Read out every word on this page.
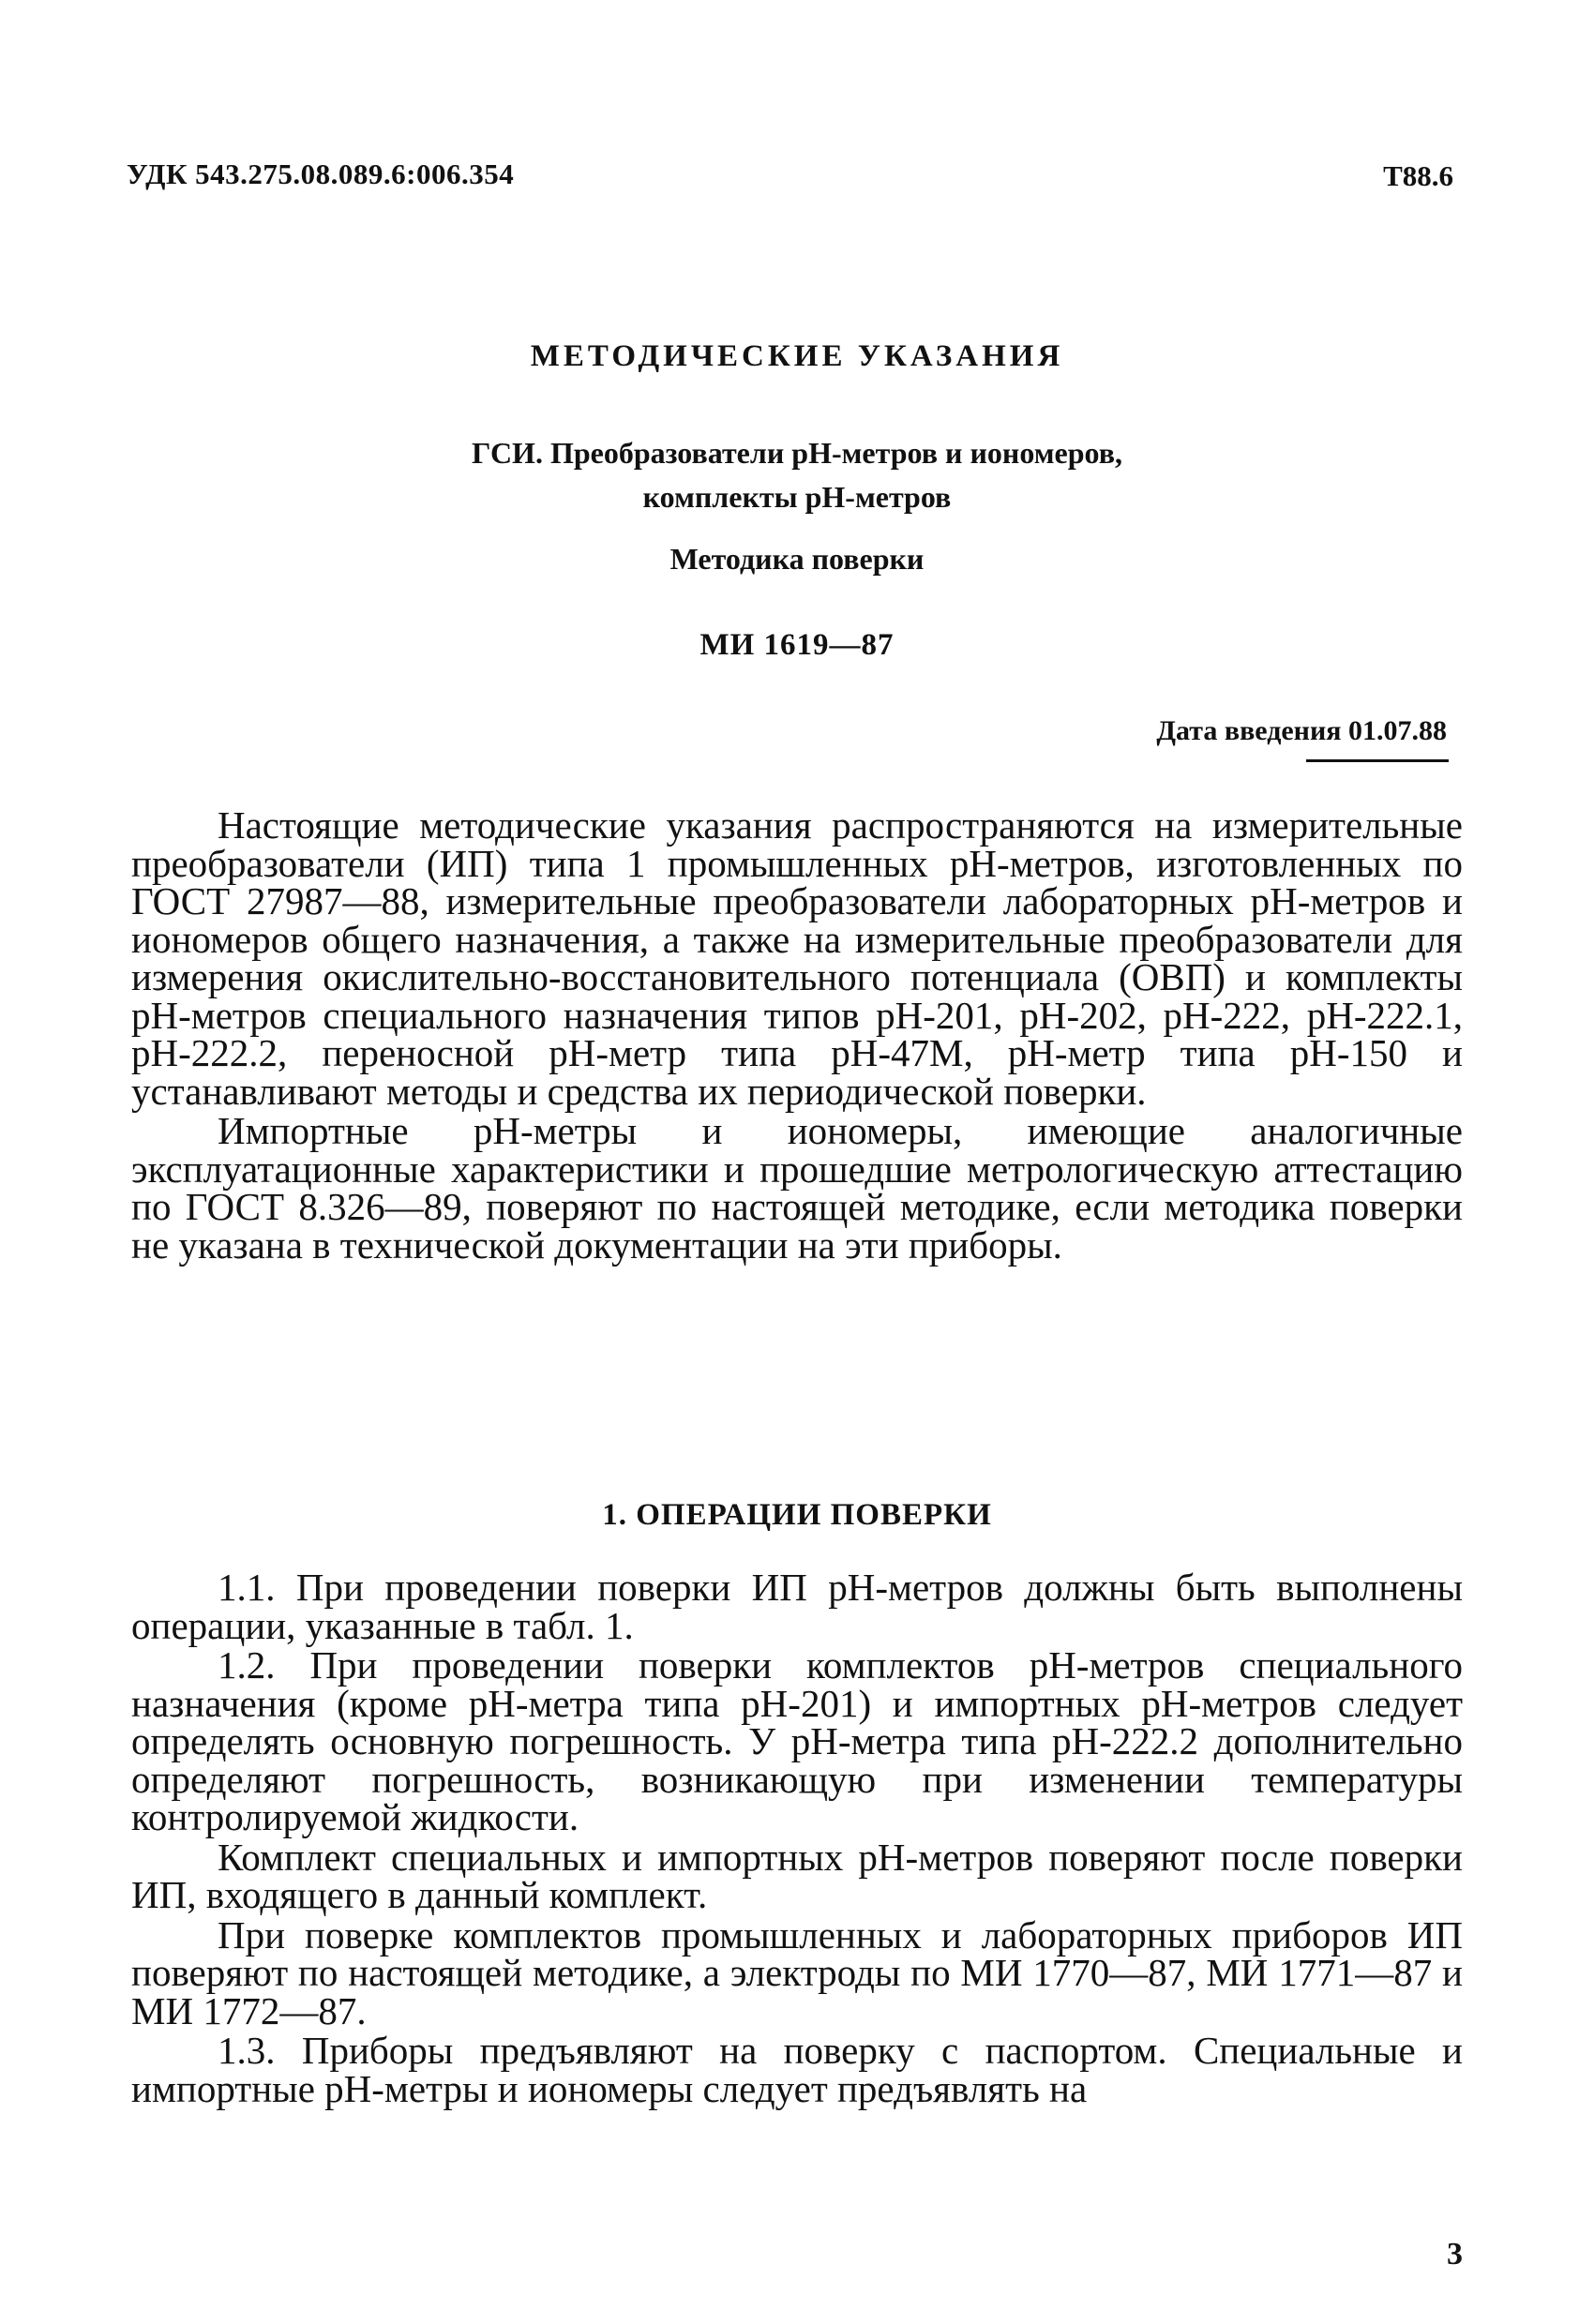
УДК 543.275.08.089.6:006.354	Т88.6
МЕТОДИЧЕСКИЕ УКАЗАНИЯ
ГСИ. Преобразователи рН-метров и иономеров,
комплекты рН-метров
Методика поверки
МИ 1619—87
Дата введения 01.07.88

Настоящие методические указания распространяются на измерительные преобразователи (ИП) типа 1 промышленных рН-метров, изготовленных по ГОСТ 27987—88, измерительные преобразователи лабораторных рН-метров и иономеров общего назначения, а также на измерительные преобразователи для измерения окислительно-восстановительного потенциала (ОВП) и комплекты рН-метров специального назначения типов рН-201, рН-202, рН-222, рН-222.1, рН-222.2, переносной рН-метр типа рН-47М, рН-метр типа рН-150 и устанавливают методы и средства их периодической поверки.

Импортные рН-метры и иономеры, имеющие аналогичные эксплуатационные характеристики и прошедшие метрологическую аттестацию по ГОСТ 8.326—89, поверяют по настоящей методике, если методика поверки не указана в технической документации на эти приборы.

1. ОПЕРАЦИИ ПОВЕРКИ

1.1. При проведении поверки ИП рН-метров должны быть выполнены операции, указанные в табл. 1.

1.2. При проведении поверки комплектов рН-метров специального назначения (кроме рН-метра типа рН-201) и импортных рН-метров следует определять основную погрешность. У рН-метра типа рН-222.2 дополнительно определяют погрешность, возникающую при изменении температуры контролируемой жидкости.

Комплект специальных и импортных рН-метров поверяют после поверки ИП, входящего в данный комплект.

При поверке комплектов промышленных и лабораторных приборов ИП поверяют по настоящей методике, а электроды по МИ 1770—87, МИ 1771—87 и МИ 1772—87.

1.3. Приборы предъявляют на поверку с паспортом. Специальные и импортные рН-метры и иономеры следует предъявлять на

3
